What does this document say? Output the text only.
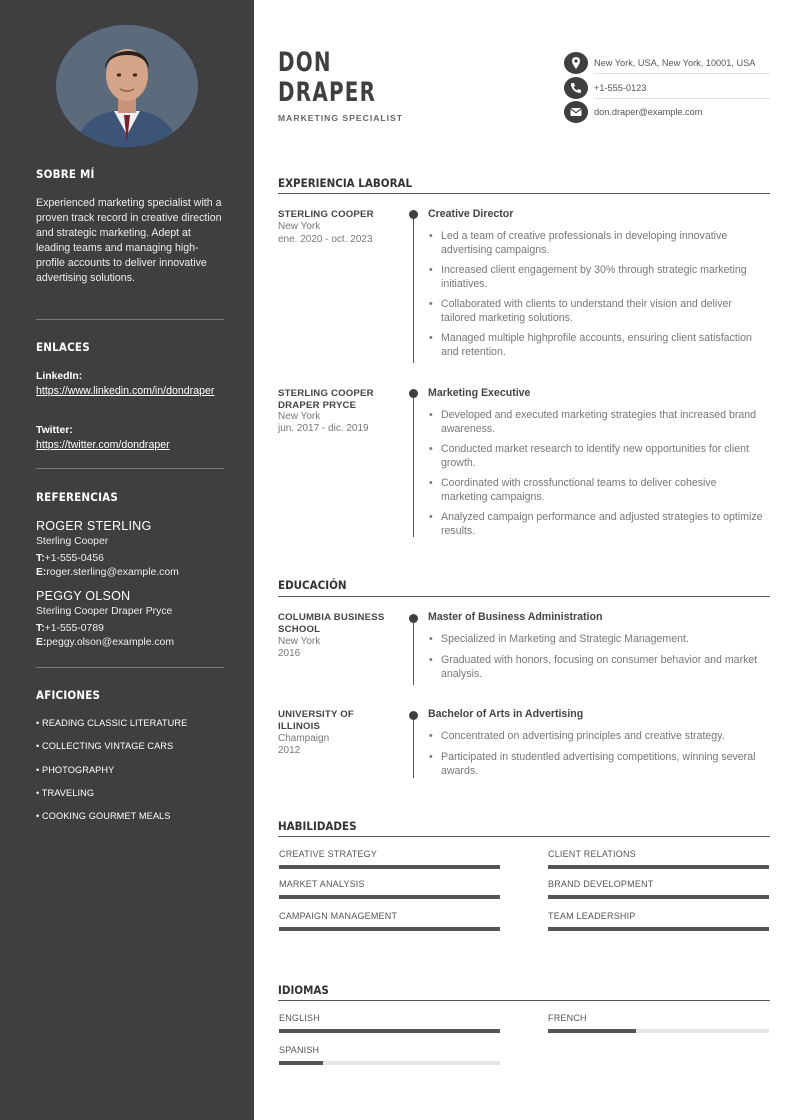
SOBRE MÍ
Experienced marketing specialist with a proven track record in creative direction and strategic marketing. Adept at leading teams and managing high-profile accounts to deliver innovative advertising solutions.
ENLACES
LinkedIn:
https://www.linkedin.com/in/dondraper
Twitter:
https://twitter.com/dondraper
REFERENCIAS
ROGER STERLING
Sterling Cooper
T:+1-555-0456
E:roger.sterling@example.com
PEGGY OLSON
Sterling Cooper Draper Pryce
T:+1-555-0789
E:peggy.olson@example.com
AFICIONES
• READING CLASSIC LITERATURE
• COLLECTING VINTAGE CARS
• PHOTOGRAPHY
• TRAVELING
• COOKING GOURMET MEALS
DON
DRAPER
MARKETING SPECIALIST
New York, USA, New York, 10001, USA
+1-555-0123
don.draper@example.com
EXPERIENCIA LABORAL
STERLING COOPER
New York
ene. 2020 - oct. 2023
Creative Director
• Led a team of creative professionals in developing innovative advertising campaigns.
• Increased client engagement by 30% through strategic marketing initiatives.
• Collaborated with clients to understand their vision and deliver tailored marketing solutions.
• Managed multiple highprofile accounts, ensuring client satisfaction and retention.
STERLING COOPER DRAPER PRYCE
New York
jun. 2017 - dic. 2019
Marketing Executive
• Developed and executed marketing strategies that increased brand awareness.
• Conducted market research to identify new opportunities for client growth.
• Coordinated with crossfunctional teams to deliver cohesive marketing campaigns.
• Analyzed campaign performance and adjusted strategies to optimize results.
EDUCACIÓN
COLUMBIA BUSINESS SCHOOL
New York
2016
Master of Business Administration
• Specialized in Marketing and Strategic Management.
• Graduated with honors, focusing on consumer behavior and market analysis.
UNIVERSITY OF ILLINOIS
Champaign
2012
Bachelor of Arts in Advertising
• Concentrated on advertising principles and creative strategy.
• Participated in studentled advertising competitions, winning several awards.
HABILIDADES
CREATIVE STRATEGY	CLIENT RELATIONS
MARKET ANALYSIS	BRAND DEVELOPMENT
CAMPAIGN MANAGEMENT	TEAM LEADERSHIP
IDIOMAS
ENGLISH	FRENCH
SPANISH
